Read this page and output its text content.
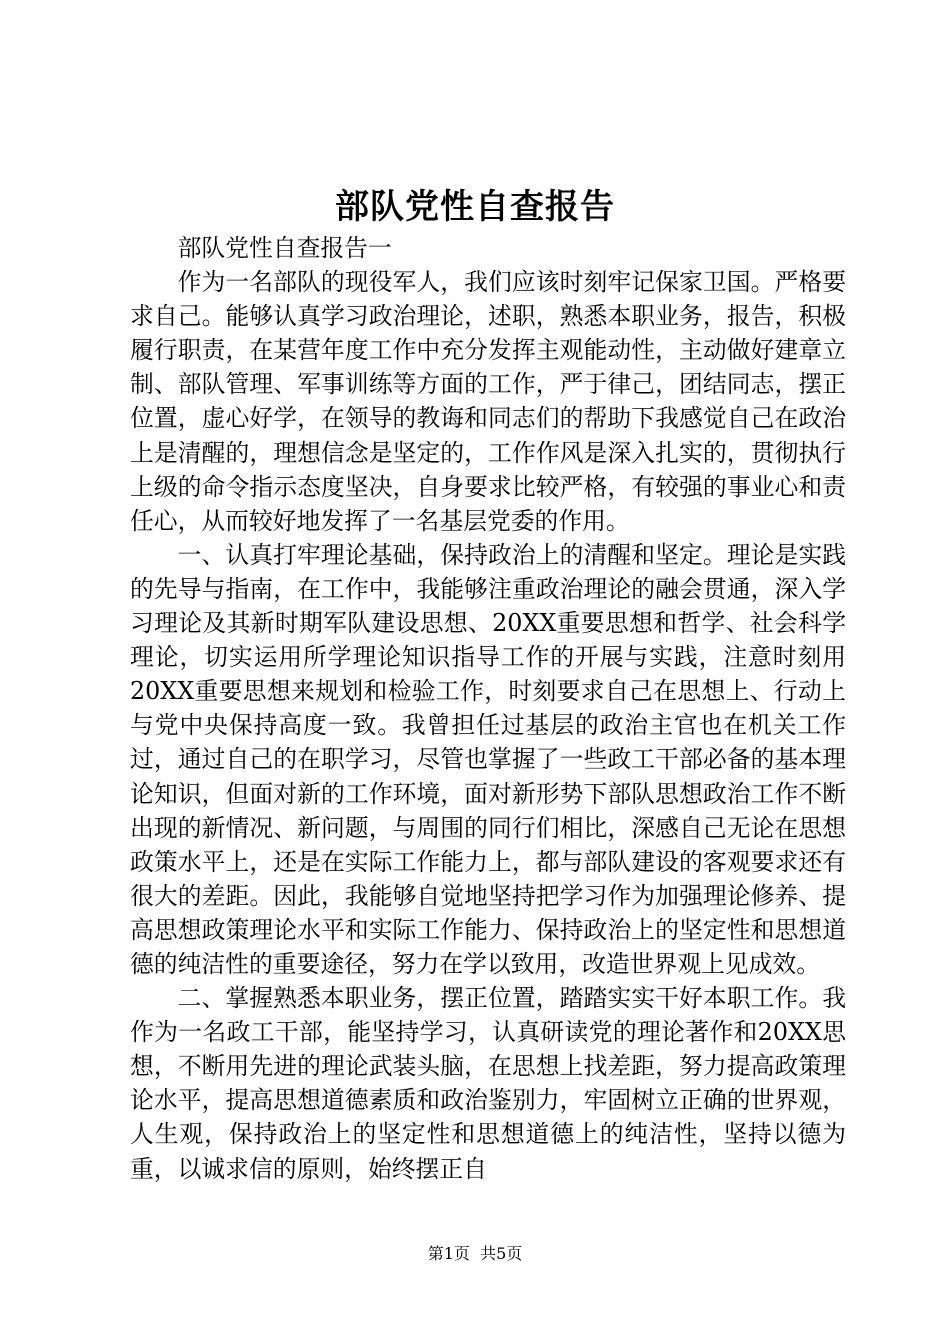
部队党性自查报告

部队党性自查报告一

作为一名部队的现役军人，我们应该时刻牢记保家卫国。严格要求自己。能够认真学习政治理论，述职，熟悉本职业务，报告，积极履行职责，在某营年度工作中充分发挥主观能动性，主动做好建章立制、部队管理、军事训练等方面的工作，严于律己，团结同志，摆正位置，虚心好学，在领导的教诲和同志们的帮助下我感觉自己在政治上是清醒的，理想信念是坚定的，工作作风是深入扎实的，贯彻执行上级的命令指示态度坚决，自身要求比较严格，有较强的事业心和责任心，从而较好地发挥了一名基层党委的作用。

一、认真打牢理论基础，保持政治上的清醒和坚定。理论是实践的先导与指南，在工作中，我能够注重政治理论的融会贯通，深入学习理论及其新时期军队建设思想、20XX重要思想和哲学、社会科学理论，切实运用所学理论知识指导工作的开展与实践，注意时刻用20XX重要思想来规划和检验工作，时刻要求自己在思想上、行动上与党中央保持高度一致。我曾担任过基层的政治主官也在机关工作过，通过自己的在职学习，尽管也掌握了一些政工干部必备的基本理论知识，但面对新的工作环境，面对新形势下部队思想政治工作不断出现的新情况、新问题，与周围的同行们相比，深感自己无论在思想政策水平上，还是在实际工作能力上，都与部队建设的客观要求还有很大的差距。因此，我能够自觉地坚持把学习作为加强理论修养、提高思想政策理论水平和实际工作能力、保持政治上的坚定性和思想道德的纯洁性的重要途径，努力在学以致用，改造世界观上见成效。

二、掌握熟悉本职业务，摆正位置，踏踏实实干好本职工作。我作为一名政工干部，能坚持学习，认真研读党的理论著作和20XX思想，不断用先进的理论武装头脑，在思想上找差距，努力提高政策理论水平，提高思想道德素质和政治鉴别力，牢固树立正确的世界观，人生观，保持政治上的坚定性和思想道德上的纯洁性，坚持以德为重，以诚求信的原则，始终摆正自

第1页  共5页
